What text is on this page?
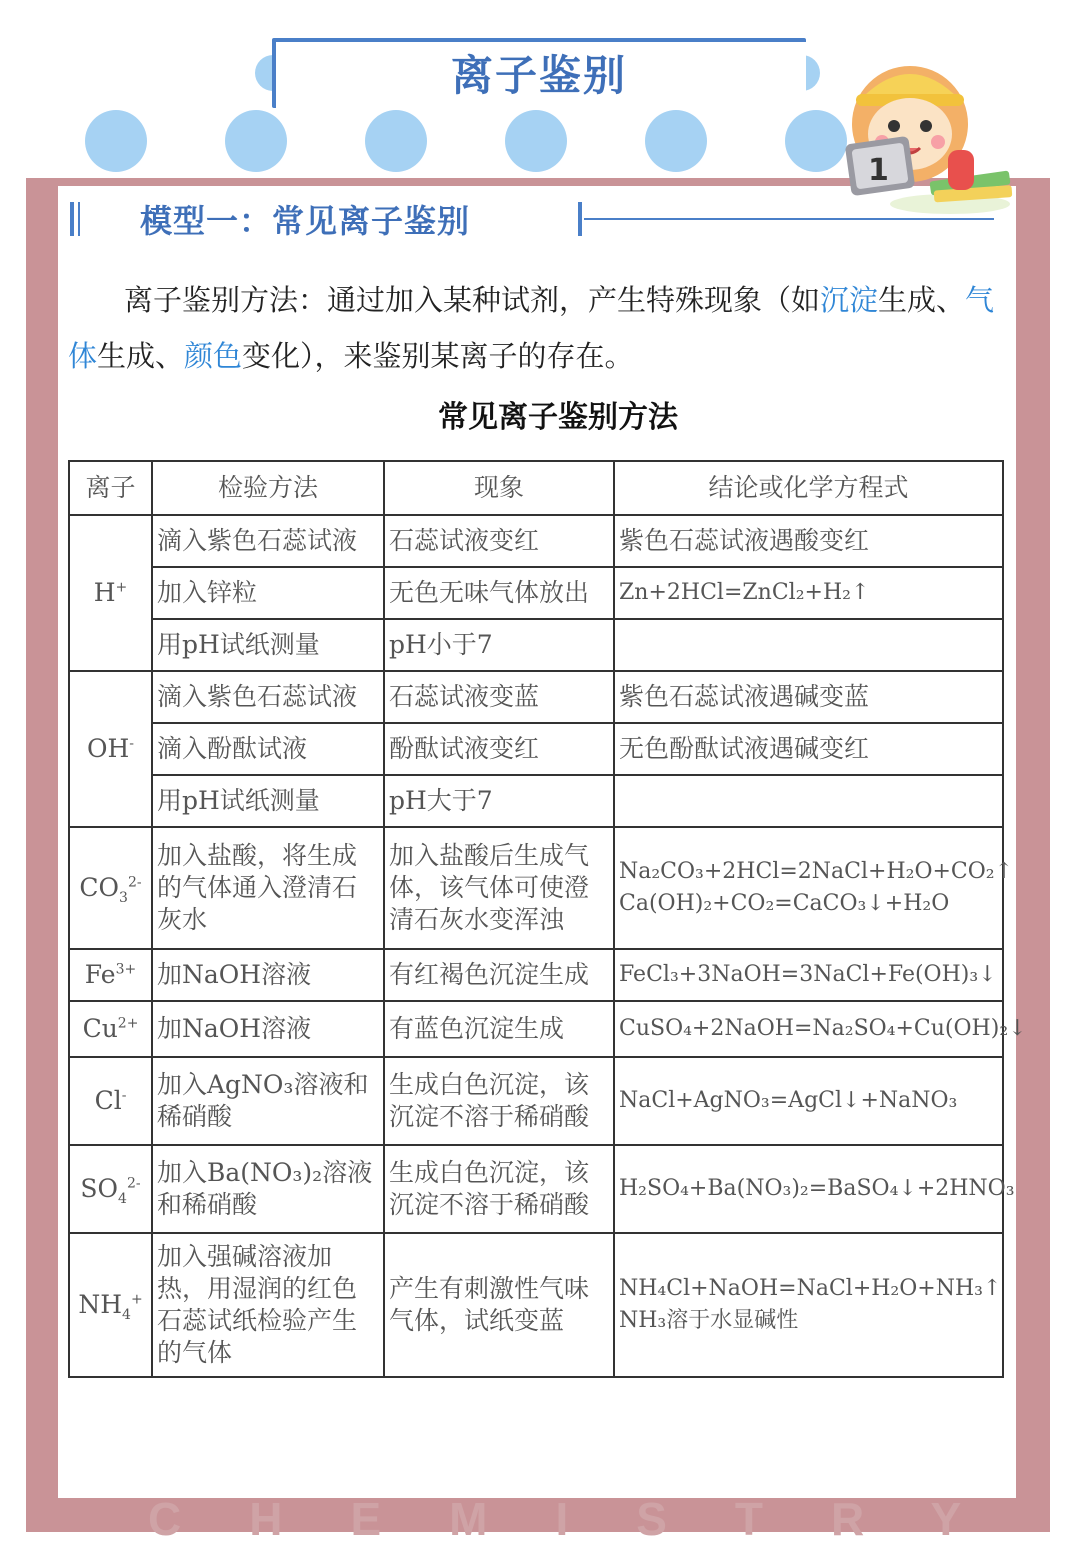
离子鉴别
1
模型一：常见离子鉴别
离子鉴别方法：通过加入某种试剂，产生特殊现象（如沉淀生成、气体生成、颜色变化），来鉴别某离子的存在。
常见离子鉴别方法
离子	检验方法	现象	结论或化学方程式
H+	滴入紫色石蕊试液	石蕊试液变红	紫色石蕊试液遇酸变红
	加入锌粒	无色无味气体放出	Zn+2HCl=ZnCl₂+H₂↑
	用pH试纸测量	pH小于7	
OH-	滴入紫色石蕊试液	石蕊试液变蓝	紫色石蕊试液遇碱变蓝
	滴入酚酞试液	酚酞试液变红	无色酚酞试液遇碱变红
	用pH试纸测量	pH大于7	
$CO_3^{2-}$	加入盐酸，将生成的气体通入澄清石灰水	加入盐酸后生成气体，该气体可使澄清石灰水变浑浊	Na₂CO₃+2HCl=2NaCl+H₂O+CO₂↑
Ca(OH)₂+CO₂=CaCO₃↓+H₂O

$Fe^{3+}$	加NaOH溶液	有红褐色沉淀生成	FeCl₃+3NaOH=3NaCl+Fe(OH)₃↓
$Cu^{2+}$	加NaOH溶液	有蓝色沉淀生成	CuSO₄+2NaOH=Na₂SO₄+Cu(OH)₂↓
Cl-	加入AgNO₃溶液和稀硝酸	生成白色沉淀，该沉淀不溶于稀硝酸	NaCl+AgNO₃=AgCl↓+NaNO₃
$SO_4^{2-}$	加入Ba(NO₃)₂溶液和稀硝酸	生成白色沉淀，该沉淀不溶于稀硝酸	H₂SO₄+Ba(NO₃)₂=BaSO₄↓+2HNO₃
$NH_4^+$	加入强碱溶液加热，用湿润的红色石蕊试纸检验产生的气体	产生有刺激性气味气体，试纸变蓝	NH₄Cl+NaOH=NaCl+H₂O+NH₃↑
NH₃溶于水显碱性
CHEMISTRY
